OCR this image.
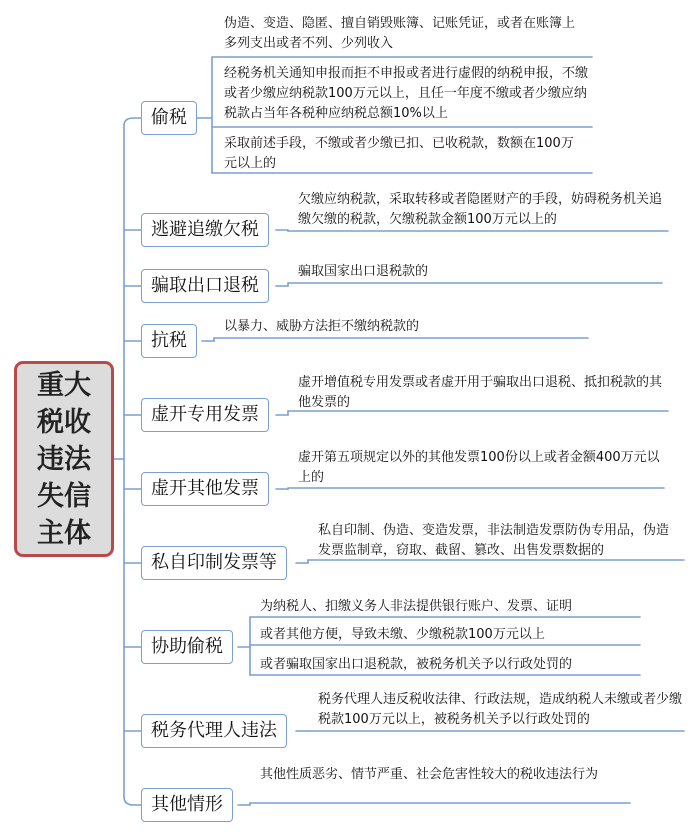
重大税收违法失信主体
偷税
逃避追缴欠税
骗取出口退税
抗税
虚开专用发票
虚开其他发票
私自印制发票等
协助偷税
税务代理人违法
其他情形
伪造、变造、隐匿、擅自销毁账簿、记账凭证，或者在账簿上多列支出或者不列、少列收入
经税务机关通知申报而拒不申报或者进行虚假的纳税申报，不缴或者少缴应纳税款100万元以上，且任一年度不缴或者少缴应纳税款占当年各税种应纳税总额10%以上
采取前述手段，不缴或者少缴已扣、已收税款，数额在100万元以上的
欠缴应纳税款，采取转移或者隐匿财产的手段，妨碍税务机关追缴欠缴的税款，欠缴税款金额100万元以上的
骗取国家出口退税款的
以暴力、威胁方法拒不缴纳税款的
虚开增值税专用发票或者虚开用于骗取出口退税、抵扣税款的其他发票的
虚开第五项规定以外的其他发票100份以上或者金额400万元以上的
私自印制、伪造、变造发票，非法制造发票防伪专用品，伪造发票监制章，窃取、截留、篡改、出售发票数据的
为纳税人、扣缴义务人非法提供银行账户、发票、证明
或者其他方便，导致未缴、少缴税款100万元以上
或者骗取国家出口退税款，被税务机关予以行政处罚的
税务代理人违反税收法律、行政法规，造成纳税人未缴或者少缴税款100万元以上，被税务机关予以行政处罚的
其他性质恶劣、情节严重、社会危害性较大的税收违法行为
